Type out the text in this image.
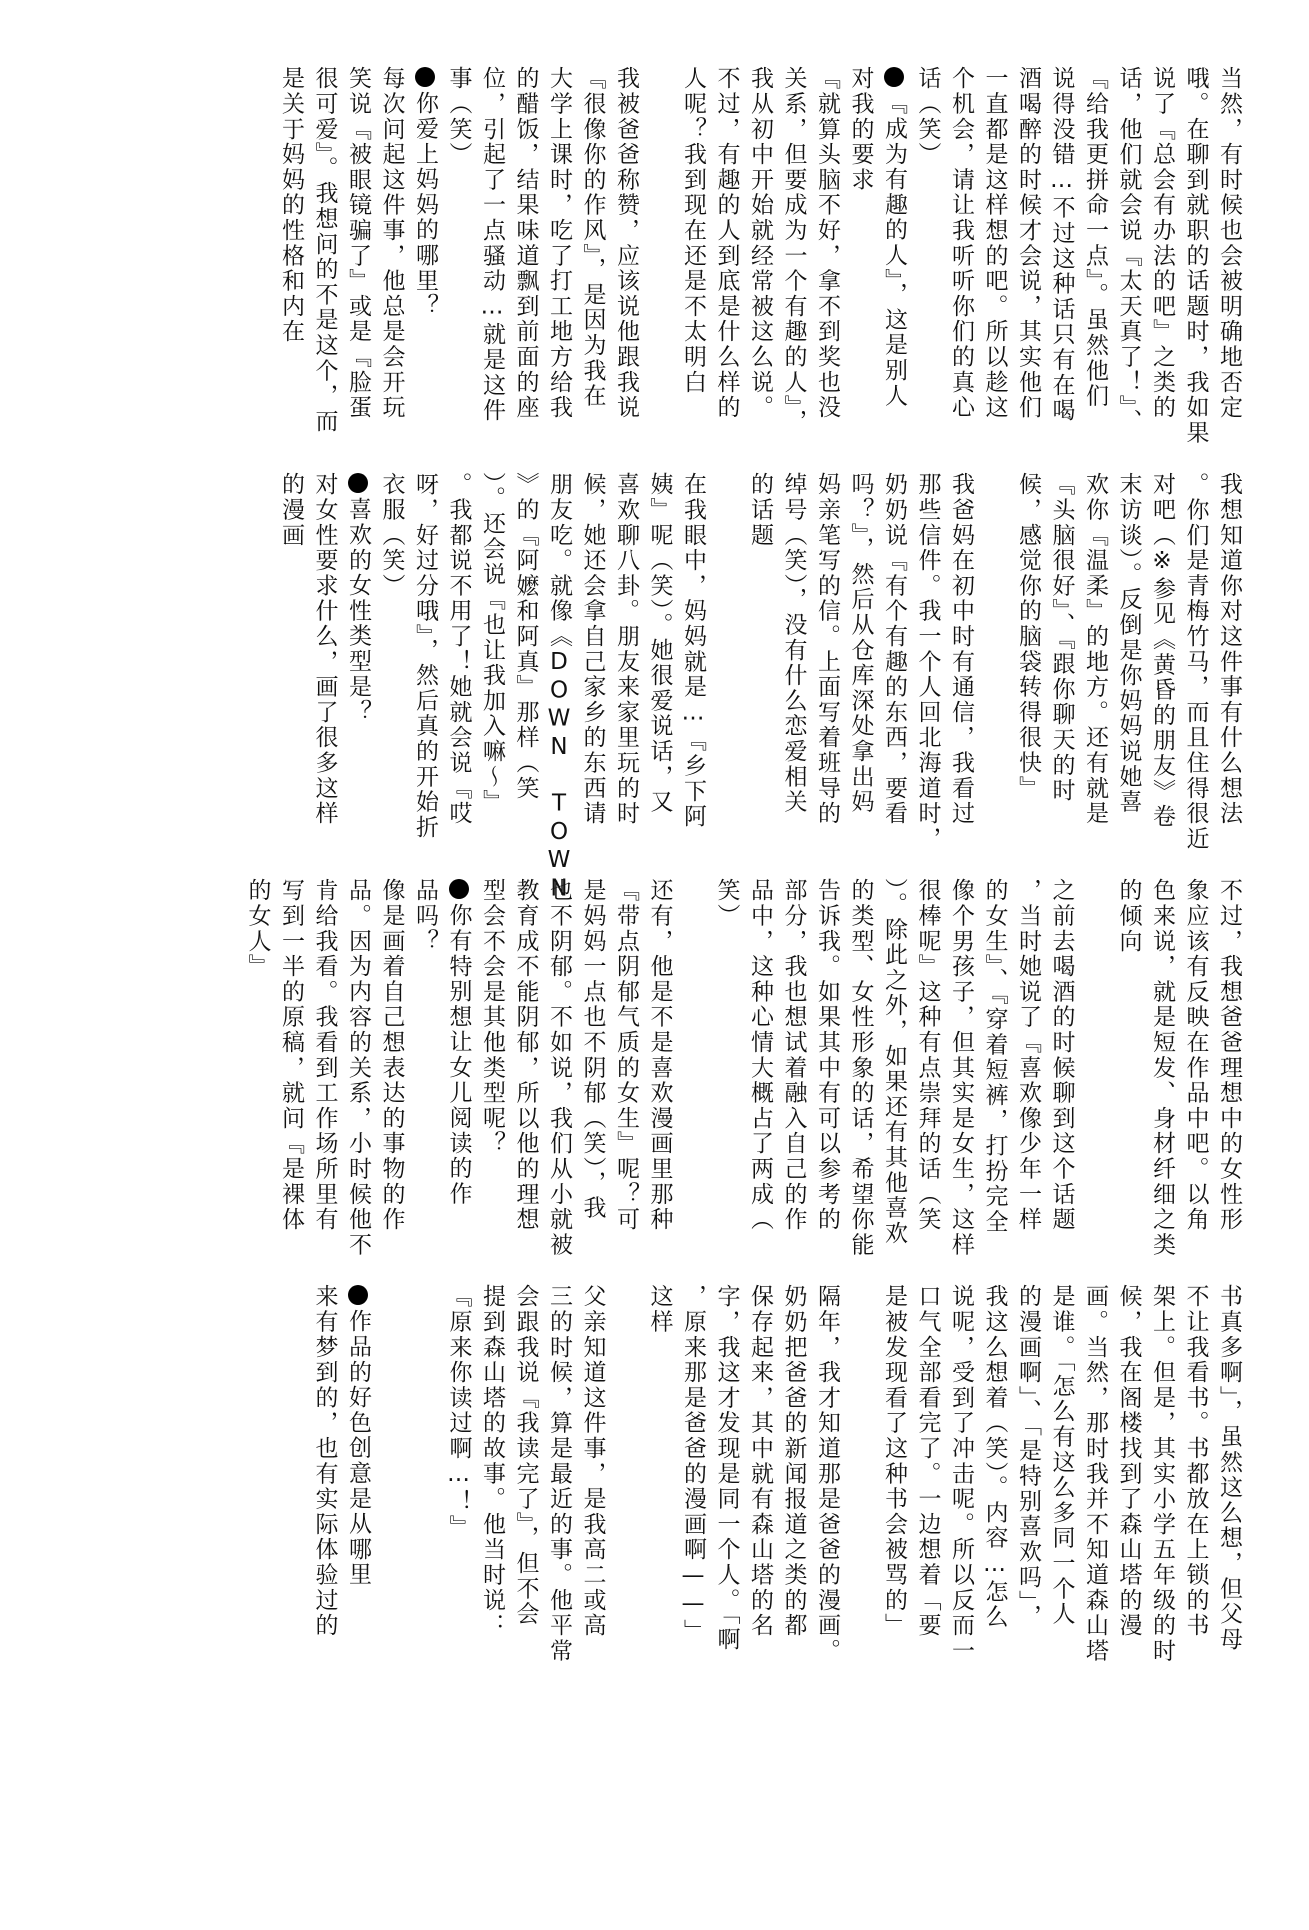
当然，有时候也会被明确地否定
哦。在聊到就职的话题时，我如果
说了『总会有办法的吧』之类的
话，他们就会说『太天真了！』、
『给我更拼命一点』。虽然他们
说得没错…不过这种话只有在喝
酒喝醉的时候才会说，其实他们
一直都是这样想的吧。所以趁这
个机会，请让我听听你们的真心
话（笑）
『成为有趣的人』，这是别人
对我的要求
『就算头脑不好，拿不到奖也没
关系，但要成为一个有趣的人』，
我从初中开始就经常被这么说。
不过，有趣的人到底是什么样的
人呢？我到现在还是不太明白
我被爸爸称赞，应该说他跟我说
『很像你的作风』，是因为我在
大学上课时，吃了打工地方给我
的醋饭，结果味道飘到前面的座
位，引起了一点骚动…就是这件
事（笑）
你爱上妈妈的哪里？
每次问起这件事，他总是会开玩
笑说『被眼镜骗了』或是『脸蛋
很可爱』。我想问的不是这个，而
是关于妈妈的性格和内在
我想知道你对这件事有什么想法
。你们是青梅竹马，而且住得很近
对吧（※参见《黄昏的朋友》卷
末访谈）。反倒是你妈妈说她喜
欢你『温柔』的地方。还有就是
『头脑很好』、『跟你聊天的时
候，感觉你的脑袋转得很快』
我爸妈在初中时有通信，我看过
那些信件。我一个人回北海道时，
奶奶说『有个有趣的东西，要看
吗？』，然后从仓库深处拿出妈
妈亲笔写的信。上面写着班导的
绰号（笑），没有什么恋爱相关
的话题
在我眼中，妈妈就是…『乡下阿
姨』呢（笑）。她很爱说话，又
喜欢聊八卦。朋友来家里玩的时
候，她还会拿自己家乡的东西请
朋友吃。就像《DOWN TOWN
》的『阿嬷和阿真』那样（笑
）。还会说『也让我加入嘛～』
。我都说不用了！她就会说『哎
呀，好过分哦』，然后真的开始折
衣服（笑）
喜欢的女性类型是？
对女性要求什么，画了很多这样
的漫画
不过，我想爸爸理想中的女性形
象应该有反映在作品中吧。以角
色来说，就是短发、身材纤细之类
的倾向
之前去喝酒的时候聊到这个话题
，当时她说了『喜欢像少年一样
的女生』、『穿着短裤，打扮完全
像个男孩子，但其实是女生，这样
很棒呢』这种有点崇拜的话（笑
）。除此之外，如果还有其他喜欢
的类型、女性形象的话，希望你能
告诉我。如果其中有可以参考的
部分，我也想试着融入自己的作
品中，这种心情大概占了两成（
笑）
还有，他是不是喜欢漫画里那种
『带点阴郁气质的女生』呢？可
是妈妈一点也不阴郁（笑），我
也不阴郁。不如说，我们从小就被
教育成不能阴郁，所以他的理想
型会不会是其他类型呢？
你有特别想让女儿阅读的作
品吗？
像是画着自己想表达的事物的作
品。因为内容的关系，小时候他不
肯给我看。我看到工作场所里有
写到一半的原稿，就问『是裸体
的女人』
书真多啊」，虽然这么想，但父母
不让我看书。书都放在上锁的书
架上。但是，其实小学五年级的时
候，我在阁楼找到了森山塔的漫
画。当然，那时我并不知道森山塔
是谁。「怎么有这么多同一个人
的漫画啊」、「是特别喜欢吗」，
我这么想着（笑）。内容…怎么
说呢，受到了冲击呢。所以反而一
口气全部看完了。一边想着「要
是被发现看了这种书会被骂的」
隔年，我才知道那是爸爸的漫画。
奶奶把爸爸的新闻报道之类的都
保存起来，其中就有森山塔的名
字，我这才发现是同一个人。「啊
，原来那是爸爸的漫画啊——」
这样
父亲知道这件事，是我高二或高
三的时候，算是最近的事。他平常
会跟我说『我读完了』，但不会
提到森山塔的故事。他当时说：
『原来你读过啊…！』
作品的好色创意是从哪里
来有梦到的，也有实际体验过的
